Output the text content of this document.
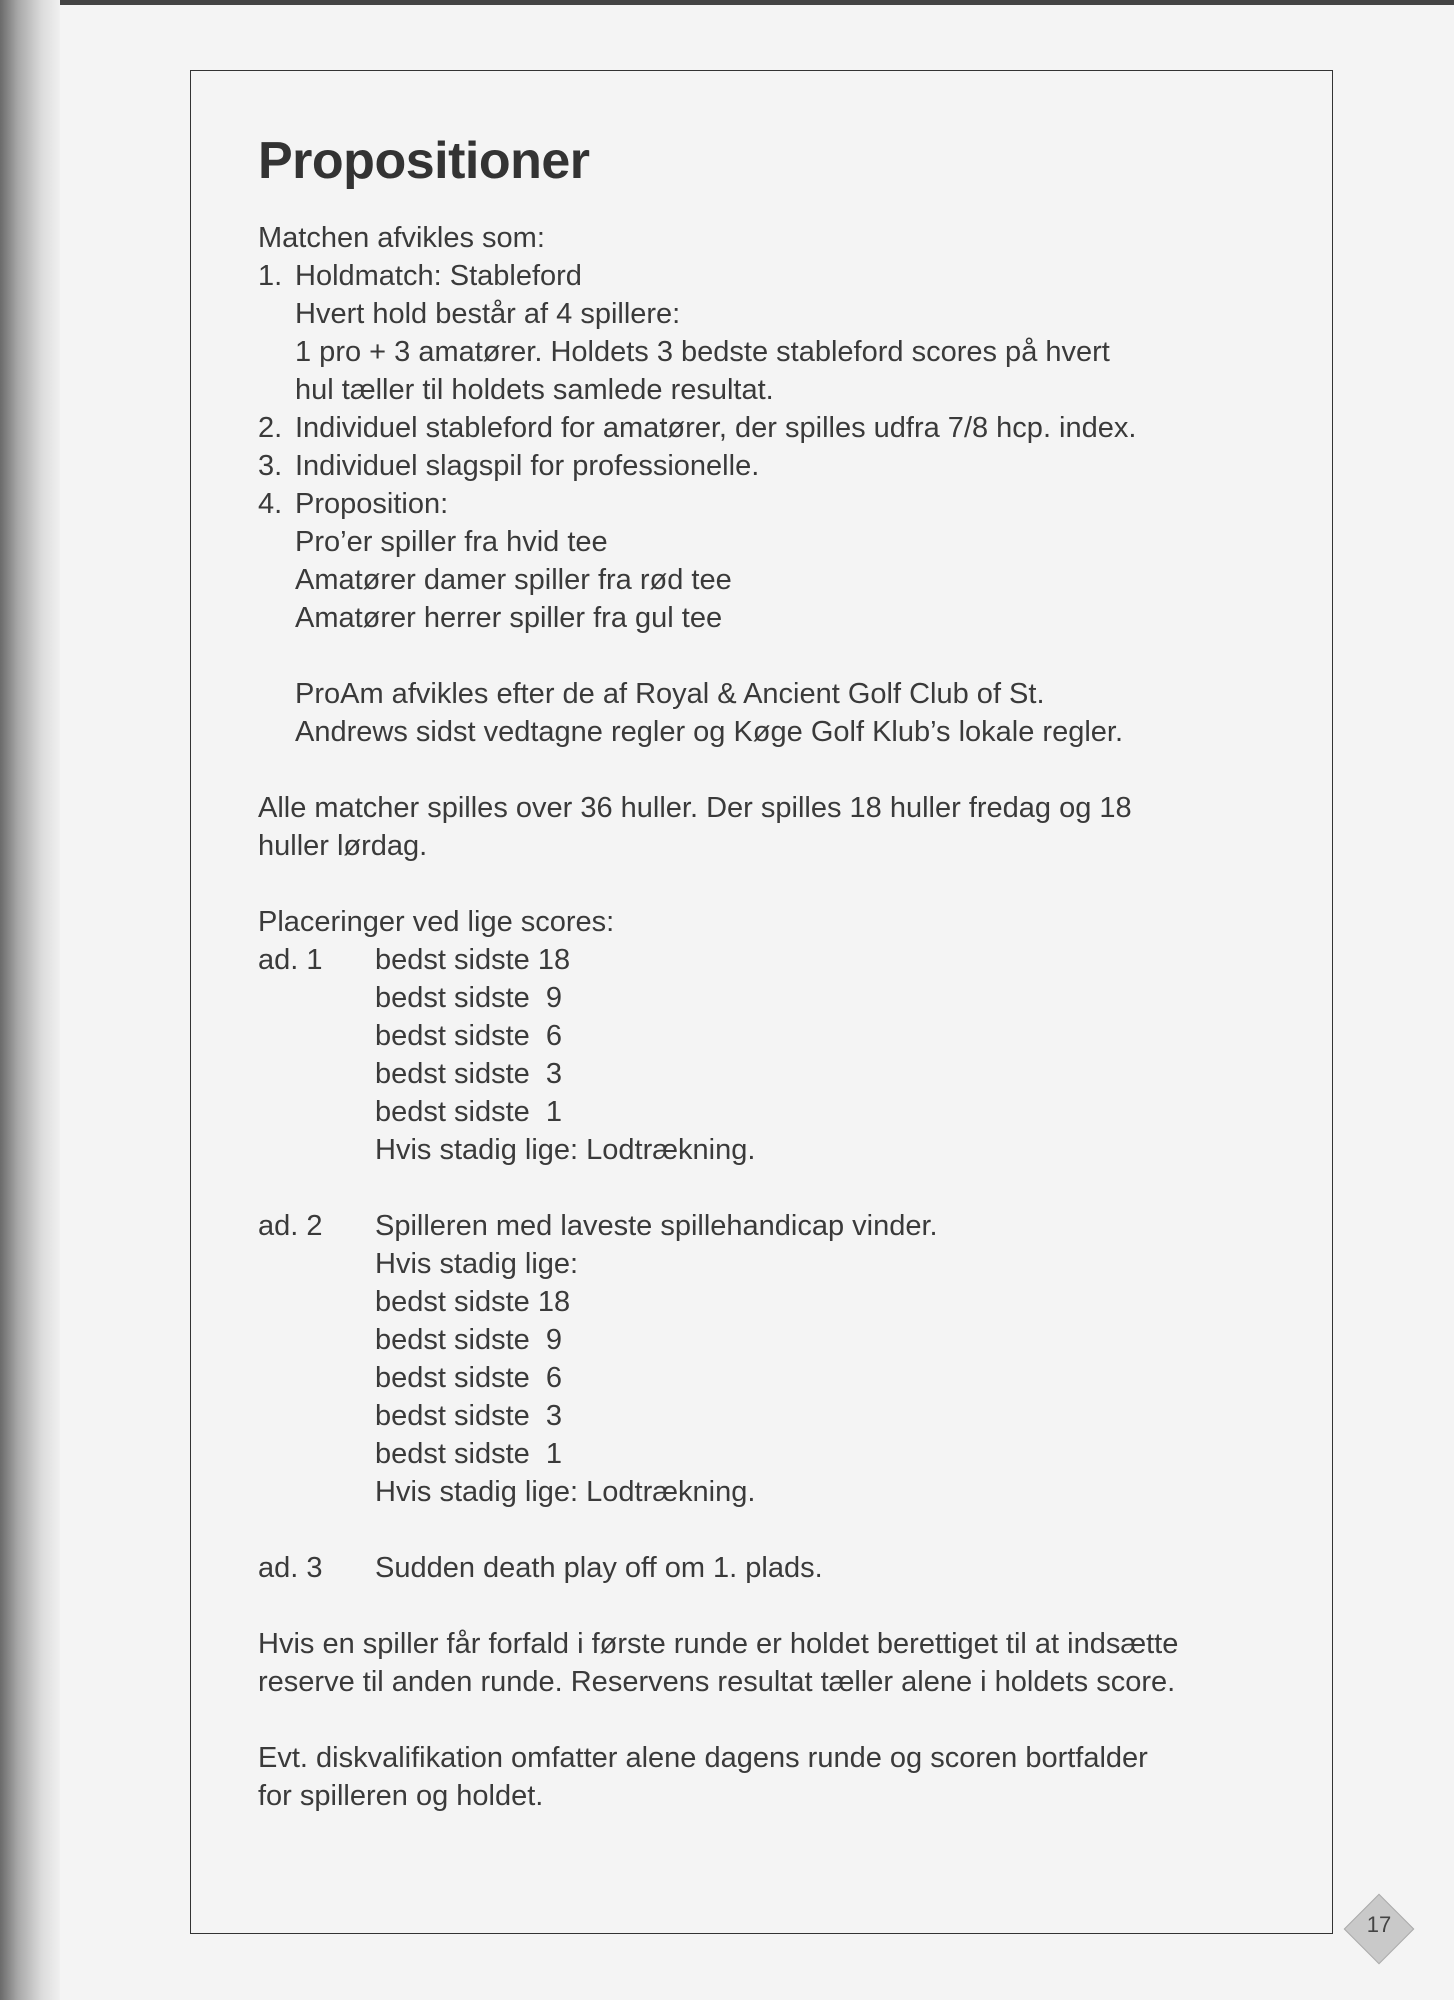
Propositioner
Matchen afvikles som:
1. Holdmatch: Stableford
Hvert hold består af 4 spillere:
1 pro + 3 amatører. Holdets 3 bedste stableford scores på hvert
hul tæller til holdets samlede resultat.
2. Individuel stableford for amatører, der spilles udfra 7/8 hcp. index.
3. Individuel slagspil for professionelle.
4. Proposition:
Pro’er spiller fra hvid tee
Amatører damer spiller fra rød tee
Amatører herrer spiller fra gul tee
ProAm afvikles efter de af Royal & Ancient Golf Club of St.
Andrews sidst vedtagne regler og Køge Golf Klub’s lokale regler.
Alle matcher spilles over 36 huller. Der spilles 18 huller fredag og 18
huller lørdag.
Placeringer ved lige scores:
ad. 1	bedst sidste 18
bedst sidste  9
bedst sidste  6
bedst sidste  3
bedst sidste  1
Hvis stadig lige: Lodtrækning.
ad. 2	Spilleren med laveste spillehandicap vinder.
Hvis stadig lige:
bedst sidste 18
bedst sidste  9
bedst sidste  6
bedst sidste  3
bedst sidste  1
Hvis stadig lige: Lodtrækning.
ad. 3	Sudden death play off om 1. plads.
Hvis en spiller får forfald i første runde er holdet berettiget til at indsætte
reserve til anden runde. Reservens resultat tæller alene i holdets score.
Evt. diskvalifikation omfatter alene dagens runde og scoren bortfalder
for spilleren og holdet.
17
